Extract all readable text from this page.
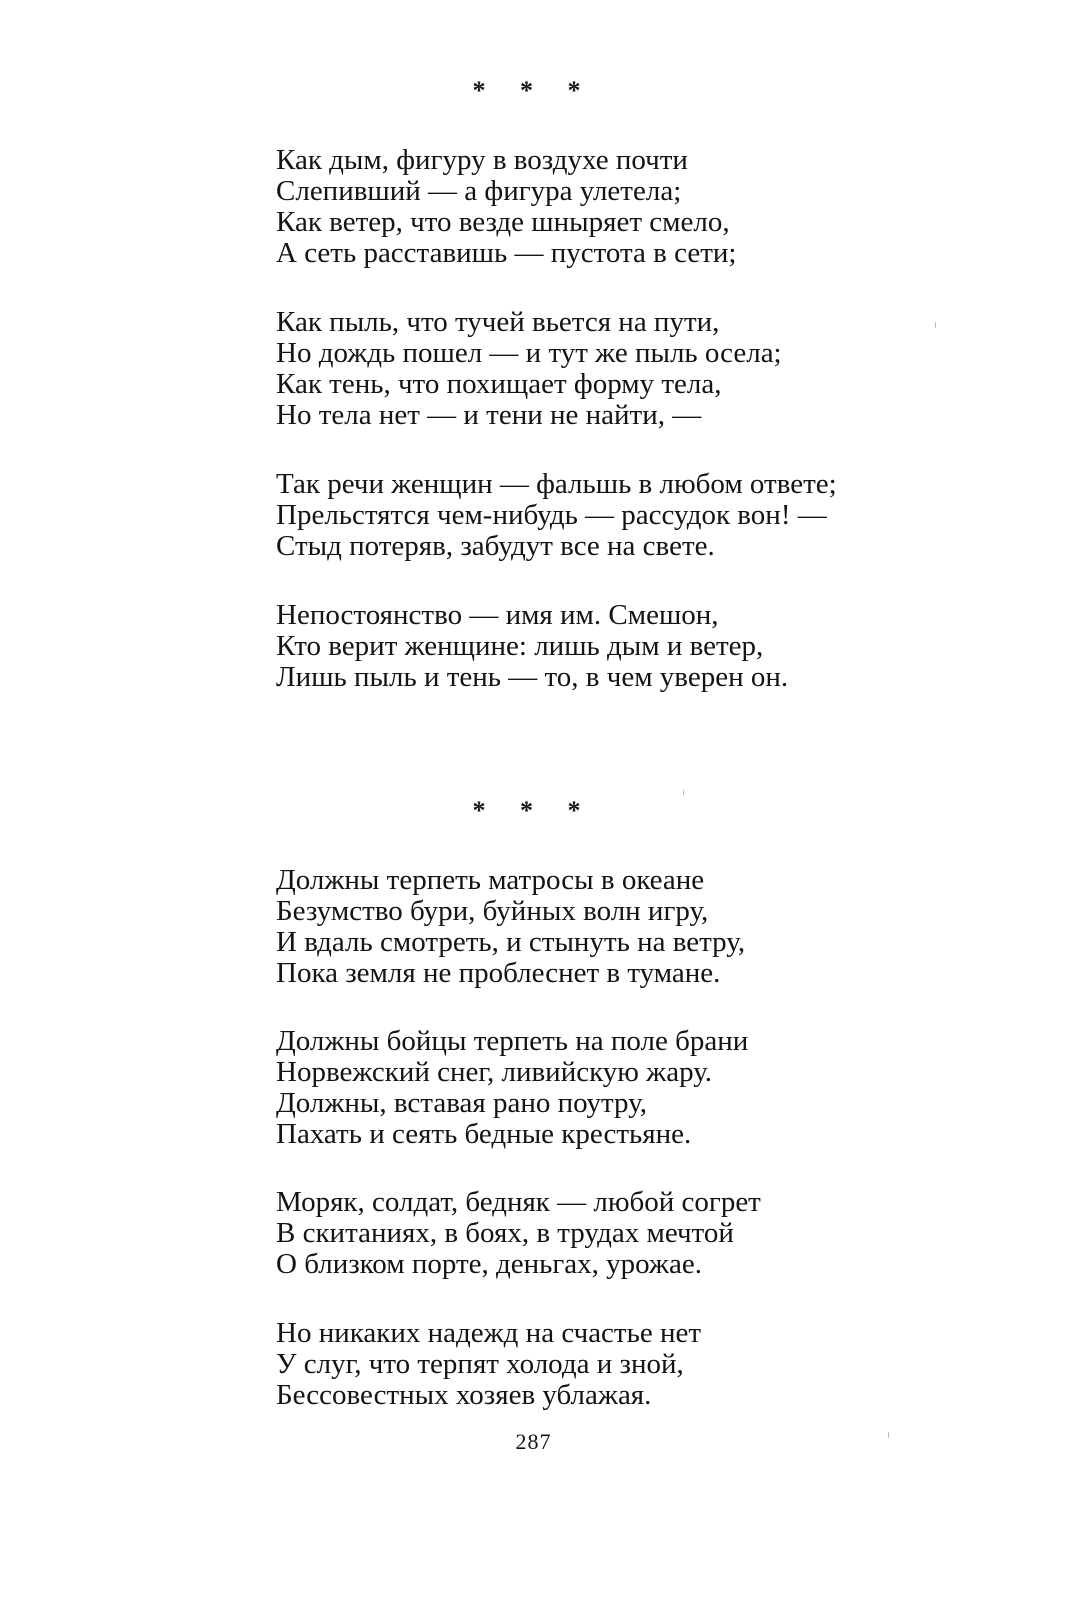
* * *
Как дым, фигуру в воздухе почти
Слепивший — а фигура улетела;
Как ветер, что везде шныряет смело,
А сеть расставишь — пустота в сети;
Как пыль, что тучей вьется на пути,
Но дождь пошел — и тут же пыль осела;
Как тень, что похищает форму тела,
Но тела нет — и тени не найти, —
Так речи женщин — фальшь в любом ответе;
Прельстятся чем-нибудь — рассудок вон! —
Стыд потеряв, забудут все на свете.
Непостоянство — имя им. Смешон,
Кто верит женщине: лишь дым и ветер,
Лишь пыль и тень — то, в чем уверен он.
* * *
Должны терпеть матросы в океане
Безумство бури, буйных волн игру,
И вдаль смотреть, и стынуть на ветру,
Пока земля не проблеснет в тумане.
Должны бойцы терпеть на поле брани
Норвежский снег, ливийскую жару.
Должны, вставая рано поутру,
Пахать и сеять бедные крестьяне.
Моряк, солдат, бедняк — любой согрет
В скитаниях, в боях, в трудах мечтой
О близком порте, деньгах, урожае.
Но никаких надежд на счастье нет
У слуг, что терпят холода и зной,
Бессовестных хозяев ублажая.
287
